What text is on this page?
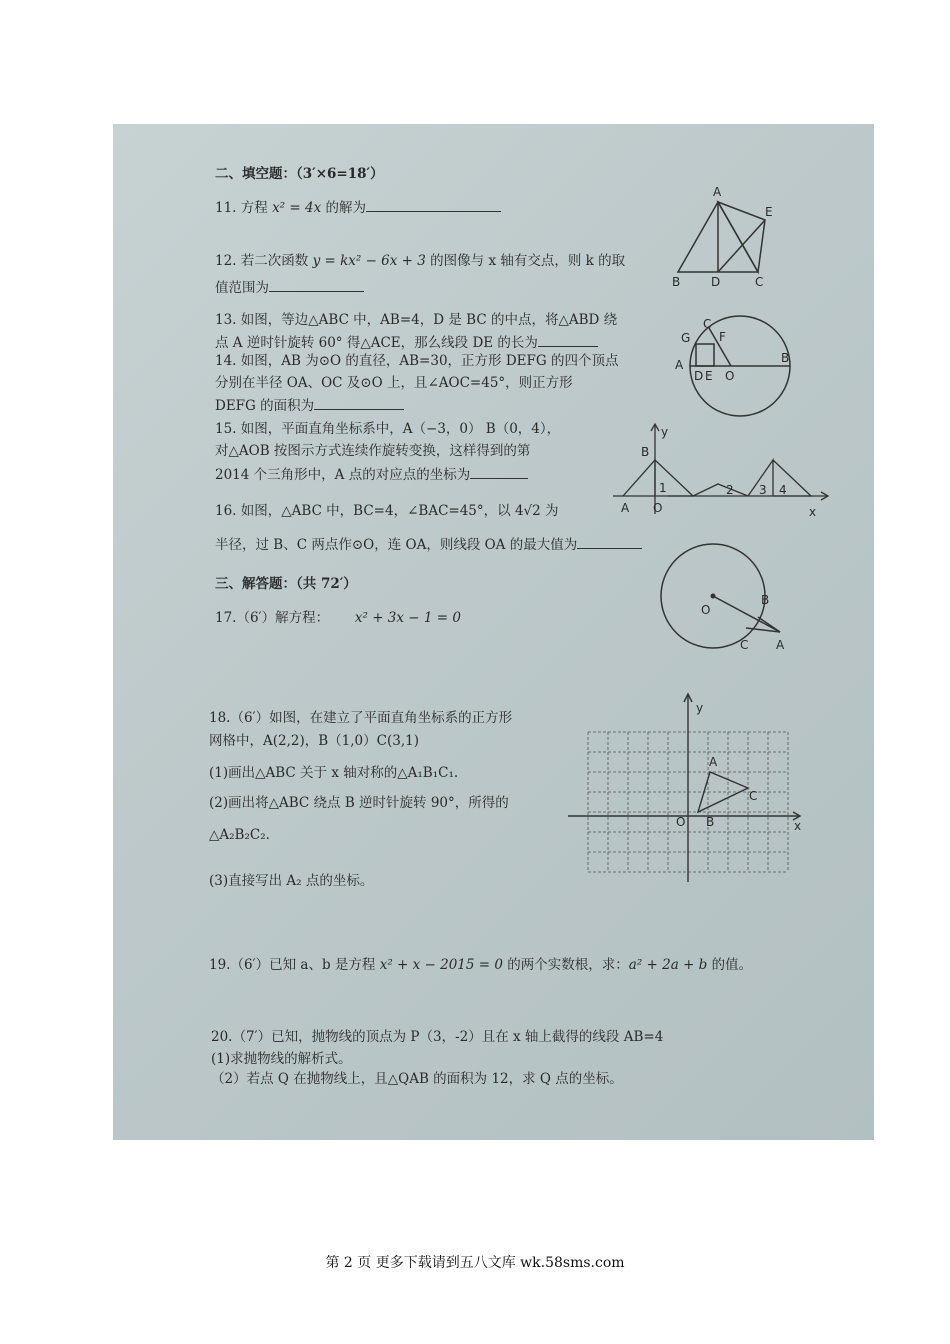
二、填空题：（3′×6=18′）
11. 方程 x² = 4x 的解为
12. 若二次函数 y = kx² − 6x + 3 的图像与 x 轴有交点，则 k 的取
值范围为
13. 如图，等边△ABC 中，AB=4，D 是 BC 的中点，将△ABD 绕
点 A 逆时针旋转 60° 得△ACE，那么线段 DE 的长为
14. 如图，AB 为⊙O 的直径，AB=30，正方形 DEFG 的四个顶点
分别在半径 OA、OC 及⊙O 上，且∠AOC=45°，则正方形
DEFG 的面积为
15. 如图，平面直角坐标系中，A（−3，0） B（0，4），
对△AOB 按图示方式连续作旋转变换，这样得到的第
2014 个三角形中，A 点的对应点的坐标为
16. 如图，△ABC 中，BC=4，∠BAC=45°，以 4√2 为
半径，过 B、C 两点作⊙O，连 OA，则线段 OA 的最大值为
三、解答题：（共 72′）
17.（6′）解方程： x² + 3x − 1 = 0
18.（6′）如图，在建立了平面直角坐标系的正方形
网格中，A(2,2)，B（1,0）C(3,1)
(1)画出△ABC 关于 x 轴对称的△A₁B₁C₁.
(2)画出将△ABC 绕点 B 逆时针旋转 90°，所得的
△A₂B₂C₂.
(3)直接写出 A₂ 点的坐标。
19.（6′）已知 a、b 是方程 x² + x − 2015 = 0 的两个实数根，求：a² + 2a + b 的值。
20.（7′）已知，抛物线的顶点为 P（3，-2）且在 x 轴上截得的线段 AB=4
(1)求抛物线的解析式。
（2）若点 Q 在抛物线上，且△QAB 的面积为 12，求 Q 点的坐标。
A
E
B	D	C
G
C
F
A
D E O
B
y
B
1	2 3 4
A O	x
O
B
C A
y
A
C
O B	x
第 2 页 更多下载请到五八文库 wk.58sms.com
